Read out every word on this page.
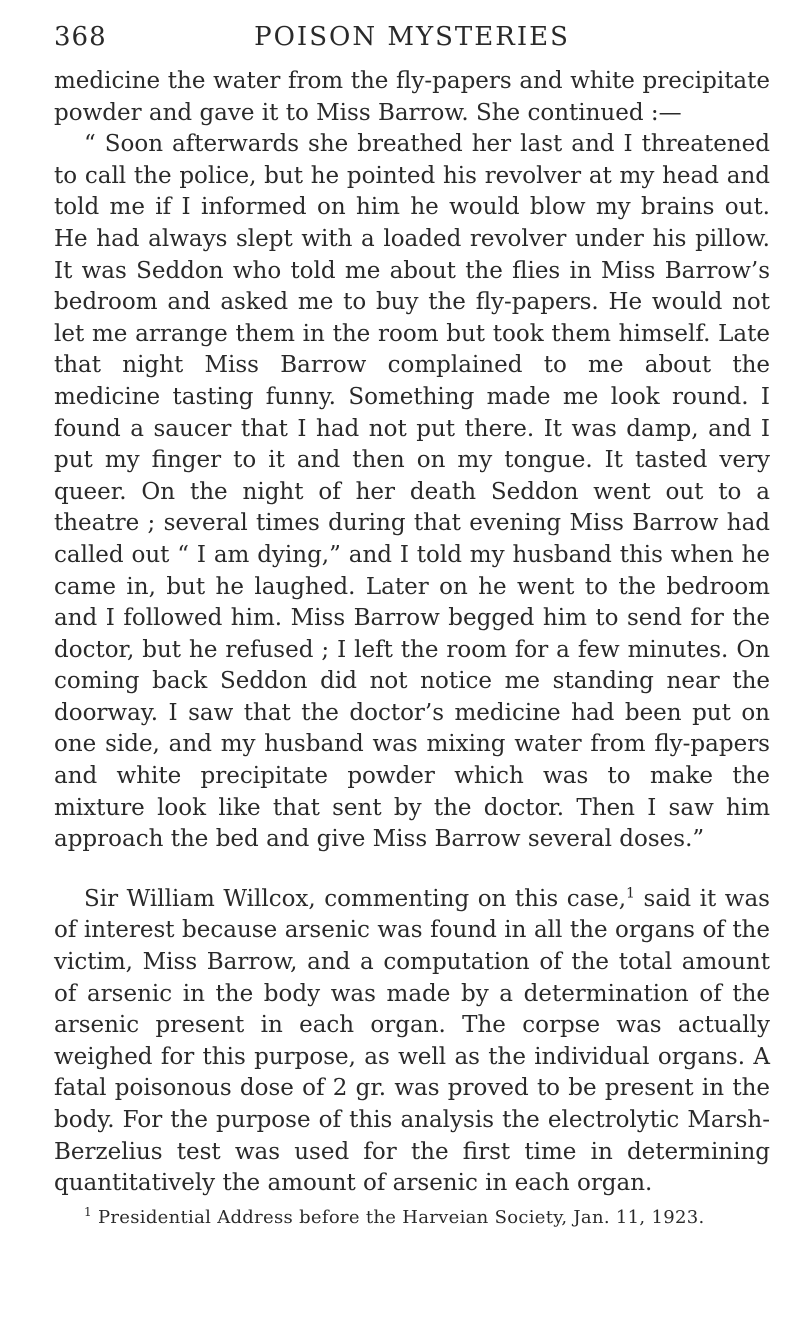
368	POISON MYSTERIES

medicine the water from the fly-papers and white precipitate powder and gave it to Miss Barrow. She continued :—

“ Soon afterwards she breathed her last and I threatened to call the police, but he pointed his revolver at my head and told me if I informed on him he would blow my brains out. He had always slept with a loaded revolver under his pillow. It was Seddon who told me about the flies in Miss Barrow’s bedroom and asked me to buy the fly-papers. He would not let me arrange them in the room but took them himself. Late that night Miss Barrow complained to me about the medicine tasting funny. Something made me look round. I found a saucer that I had not put there. It was damp, and I put my finger to it and then on my tongue. It tasted very queer. On the night of her death Seddon went out to a theatre ; several times during that evening Miss Barrow had called out “ I am dying,” and I told my husband this when he came in, but he laughed. Later on he went to the bedroom and I followed him. Miss Barrow begged him to send for the doctor, but he refused ; I left the room for a few minutes. On coming back Seddon did not notice me standing near the doorway. I saw that the doctor’s medicine had been put on one side, and my husband was mixing water from fly-papers and white precipitate powder which was to make the mixture look like that sent by the doctor. Then I saw him approach the bed and give Miss Barrow several doses.”

Sir William Willcox, commenting on this case,$^1$ said it was of interest because arsenic was found in all the organs of the victim, Miss Barrow, and a computation of the total amount of arsenic in the body was made by a determination of the arsenic present in each organ. The corpse was actually weighed for this purpose, as well as the individual organs. A fatal poisonous dose of 2 gr. was proved to be present in the body. For the purpose of this analysis the electrolytic Marsh-Berzelius test was used for the first time in determining quantitatively the amount of arsenic in each organ.

$^1$ Presidential Address before the Harveian Society, Jan. 11, 1923.
